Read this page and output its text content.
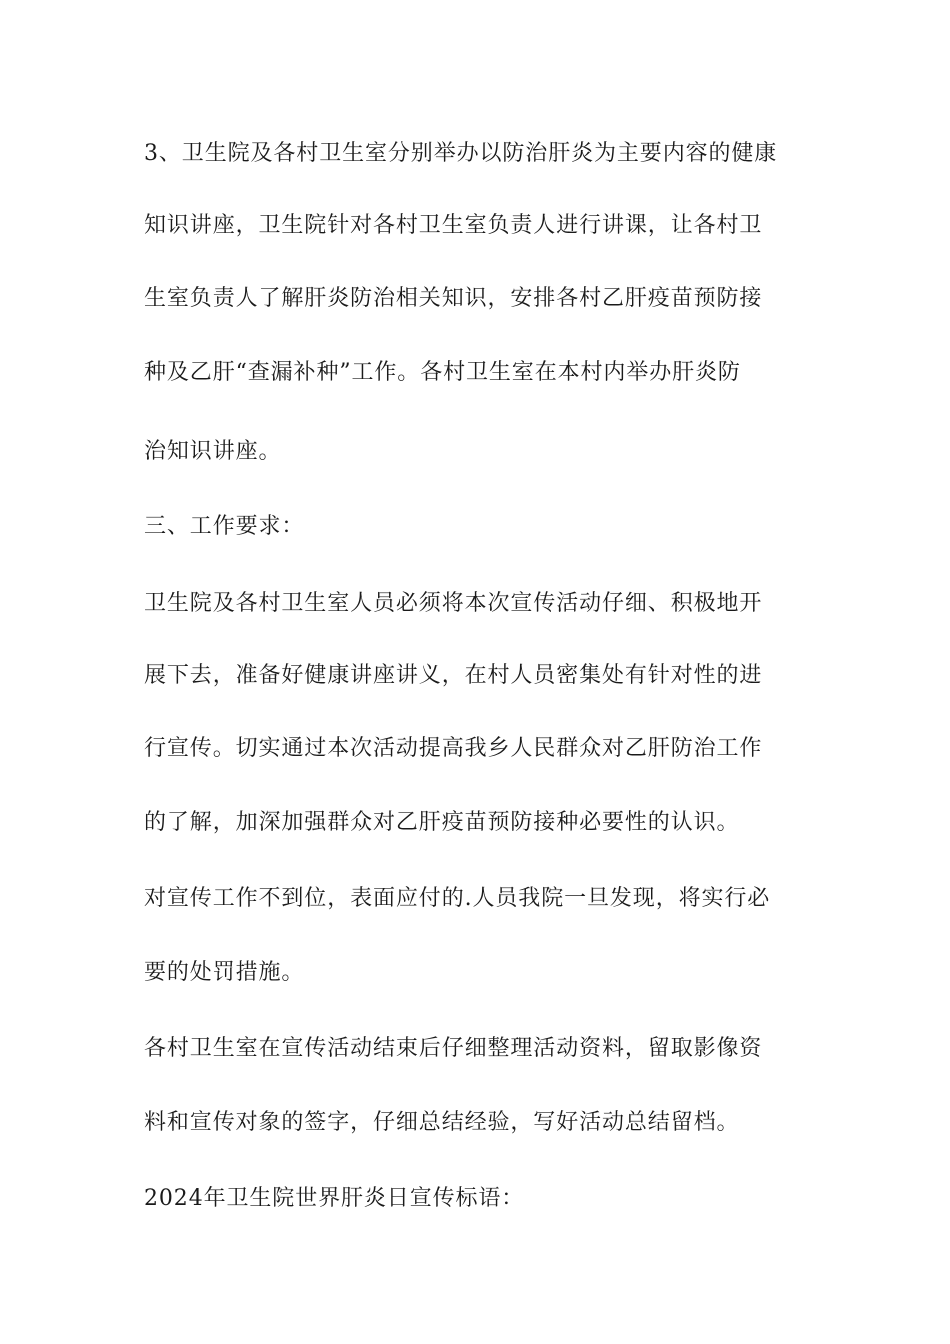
3、卫生院及各村卫生室分别举办以防治肝炎为主要内容的健康
知识讲座，卫生院针对各村卫生室负责人进行讲课，让各村卫
生室负责人了解肝炎防治相关知识，安排各村乙肝疫苗预防接
种及乙肝“查漏补种”工作。各村卫生室在本村内举办肝炎防
治知识讲座。
三、工作要求：
卫生院及各村卫生室人员必须将本次宣传活动仔细、积极地开
展下去，准备好健康讲座讲义，在村人员密集处有针对性的进
行宣传。切实通过本次活动提高我乡人民群众对乙肝防治工作
的了解，加深加强群众对乙肝疫苗预防接种必要性的认识。
对宣传工作不到位，表面应付的.人员我院一旦发现，将实行必
要的处罚措施。
各村卫生室在宣传活动结束后仔细整理活动资料，留取影像资
料和宣传对象的签字，仔细总结经验，写好活动总结留档。
2024年卫生院世界肝炎日宣传标语：
